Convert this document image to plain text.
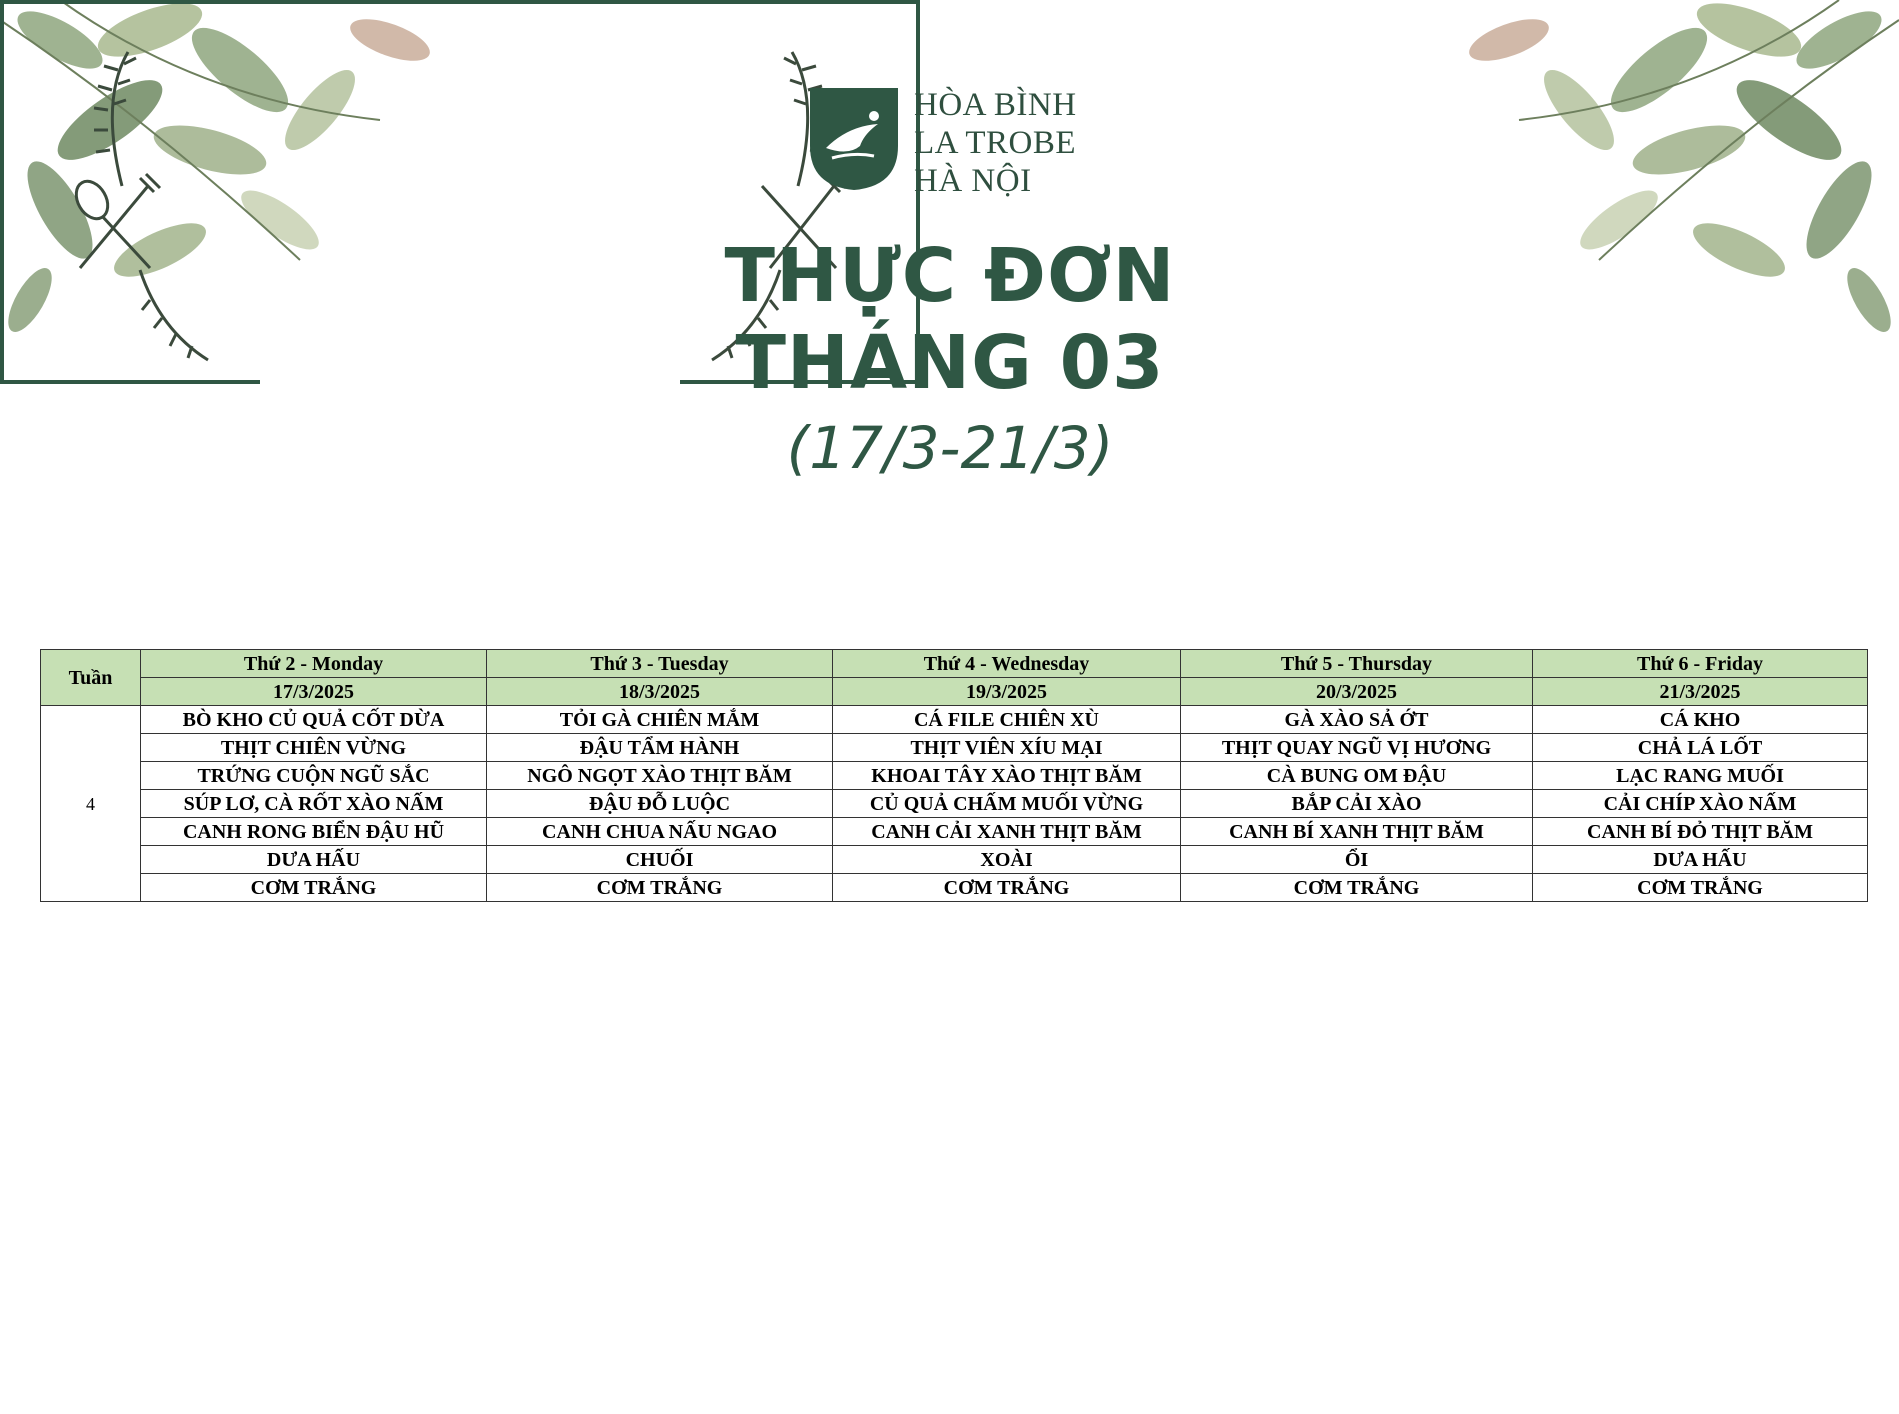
HÒA BÌNH
LA TROBE
HÀ NỘI
THỰC ĐƠN
THÁNG 03
(17/3-21/3)
Tuần	Thứ 2 - Monday	Thứ 3 - Tuesday	Thứ 4 - Wednesday	Thứ 5 - Thursday	Thứ 6 - Friday
	17/3/2025	18/3/2025	19/3/2025	20/3/2025	21/3/2025
4	BÒ KHO CỦ QUẢ CỐT DỪA	TỎI GÀ CHIÊN MẮM	CÁ FILE CHIÊN XÙ	GÀ XÀO SẢ ỚT	CÁ KHO
	THỊT CHIÊN VỪNG	ĐẬU TẨM HÀNH	THỊT VIÊN XÍU MẠI	THỊT QUAY NGŨ VỊ HƯƠNG	CHẢ LÁ LỐT
	TRỨNG CUỘN NGŨ SẮC	NGÔ NGỌT XÀO THỊT BĂM	KHOAI TÂY XÀO THỊT BĂM	CÀ BUNG OM ĐẬU	LẠC RANG MUỐI
	SÚP LƠ, CÀ RỐT XÀO NẤM	ĐẬU ĐỖ LUỘC	CỦ QUẢ CHẤM MUỐI VỪNG	BẮP CẢI XÀO	CẢI CHÍP XÀO NẤM
	CANH RONG BIỂN ĐẬU HŨ	CANH CHUA NẤU NGAO	CANH CẢI XANH THỊT BĂM	CANH BÍ XANH THỊT BĂM	CANH BÍ ĐỎ THỊT BĂM
	DƯA HẤU	CHUỐI	XOÀI	ỔI	DƯA HẤU
	CƠM TRẮNG	CƠM TRẮNG	CƠM TRẮNG	CƠM TRẮNG	CƠM TRẮNG
